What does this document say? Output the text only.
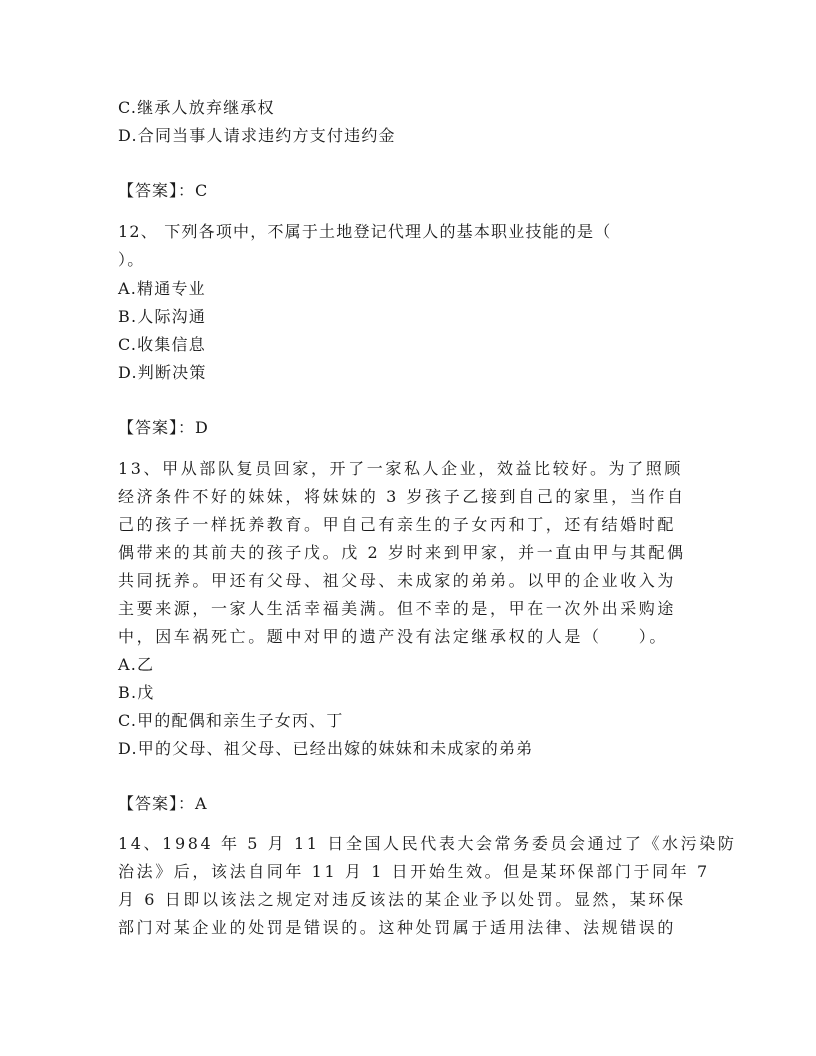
C.继承人放弃继承权
D.合同当事人请求违约方支付违约金
【答案】：C
12、 下列各项中，不属于土地登记代理人的基本职业技能的是（
）。
A.精通专业
B.人际沟通
C.收集信息
D.判断决策
【答案】：D
13、甲从部队复员回家，开了一家私人企业，效益比较好。为了照顾
经济条件不好的妹妹，将妹妹的 3 岁孩子乙接到自己的家里，当作自
己的孩子一样抚养教育。甲自己有亲生的子女丙和丁，还有结婚时配
偶带来的其前夫的孩子戊。戊 2 岁时来到甲家，并一直由甲与其配偶
共同抚养。甲还有父母、祖父母、未成家的弟弟。以甲的企业收入为
主要来源，一家人生活幸福美满。但不幸的是，甲在一次外出采购途
中，因车祸死亡。题中对甲的遗产没有法定继承权的人是（　　）。
A.乙
B.戊
C.甲的配偶和亲生子女丙、丁
D.甲的父母、祖父母、已经出嫁的妹妹和未成家的弟弟
【答案】：A
14、1984 年 5 月 11 日全国人民代表大会常务委员会通过了《水污染防
治法》后，该法自同年 11 月 1 日开始生效。但是某环保部门于同年 7
月 6 日即以该法之规定对违反该法的某企业予以处罚。显然，某环保
部门对某企业的处罚是错误的。这种处罚属于适用法律、法规错误的
